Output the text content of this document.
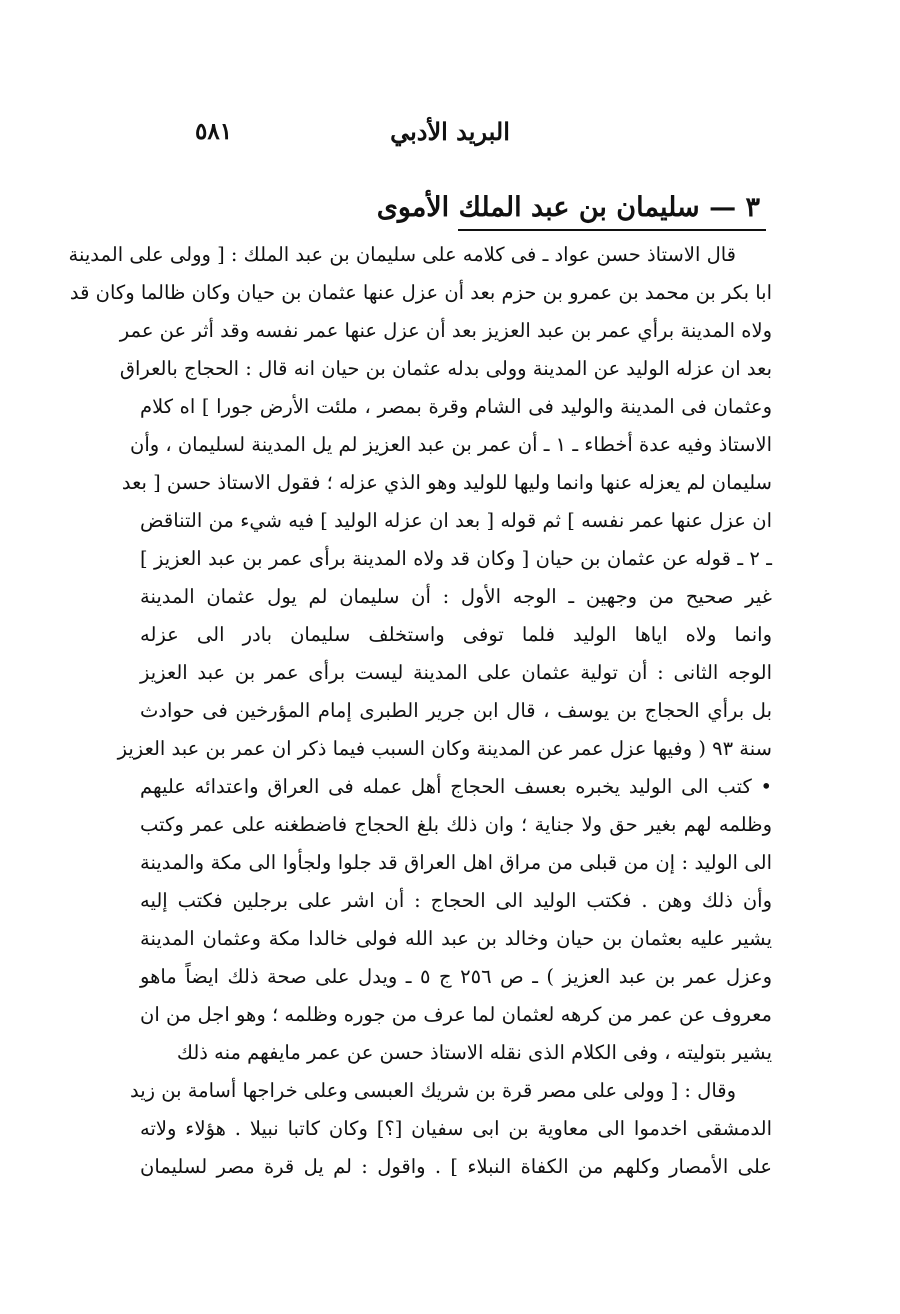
البريد الأدبي
٥٨١
٣ — سليمان بن عبد الملك الأموى
قال الاستاذ حسن عواد ـ فى كلامه على سليمان بن عبد الملك : [ وولى على المدينة
ابا بكر بن محمد بن عمرو بن حزم بعد أن عزل عنها عثمان بن حيان وكان ظالما وكان قد
ولاه المدينة برأي عمر بن عبد العزيز بعد أن عزل عنها عمر نفسه وقد أثر عن عمر
بعد ان عزله الوليد عن المدينة وولى بدله عثمان بن حيان انه قال : الحجاج بالعراق
وعثمان فى المدينة والوليد فى الشام وقرة بمصر ، ملئت الأرض جورا ] اه كلام
الاستاذ وفيه عدة أخطاء ـ ١ ـ أن عمر بن عبد العزيز لم يل المدينة لسليمان ، وأن
سليمان لم يعزله عنها وانما وليها للوليد وهو الذي عزله ؛ فقول الاستاذ حسن [ بعد
ان عزل عنها عمر نفسه ] ثم قوله [ بعد ان عزله الوليد ] فيه شيء من التناقض
ـ ٢ ـ قوله عن عثمان بن حيان [ وكان قد ولاه المدينة برأى عمر بن عبد العزيز ]
غير صحيح من وجهين ـ الوجه الأول : أن سليمان لم يول عثمان المدينة
وانما ولاه اياها الوليد فلما توفى واستخلف سليمان بادر الى عزله
الوجه الثانى : أن تولية عثمان على المدينة ليست برأى عمر بن عبد العزيز
بل برأي الحجاج بن يوسف ، قال ابن جرير الطبرى إمام المؤرخين فى حوادث
سنة ٩٣ ( وفيها عزل عمر عن المدينة وكان السبب فيما ذكر ان عمر بن عبد العزيز
• كتب الى الوليد يخبره بعسف الحجاج أهل عمله فى العراق واعتدائه عليهم
وظلمه لهم بغير حق ولا جناية ؛ وان ذلك بلغ الحجاج فاضطغنه على عمر وكتب
الى الوليد : إن من قبلى من مراق اهل العراق قد جلوا ولجأوا الى مكة والمدينة
وأن ذلك وهن . فكتب الوليد الى الحجاج : أن اشر على برجلين فكتب إليه
يشير عليه بعثمان بن حيان وخالد بن عبد الله فولى خالدا مكة وعثمان المدينة
وعزل عمر بن عبد العزيز ) ـ ص ٢٥٦ ج ٥ ـ ويدل على صحة ذلك ايضاً ماهو
معروف عن عمر من كرهه لعثمان لما عرف من جوره وظلمه ؛ وهو اجل من ان
يشير بتوليته ، وفى الكلام الذى نقله الاستاذ حسن عن عمر مايفهم منه ذلك
وقال : [ وولى على مصر قرة بن شريك العبسى وعلى خراجها أسامة بن زيد
الدمشقى اخدموا الى معاوية بن ابى سفيان [؟] وكان كاتبا نبيلا . هؤلاء ولاته
على الأمصار وكلهم من الكفاة النبلاء ] . واقول : لم يل قرة مصر لسليمان
